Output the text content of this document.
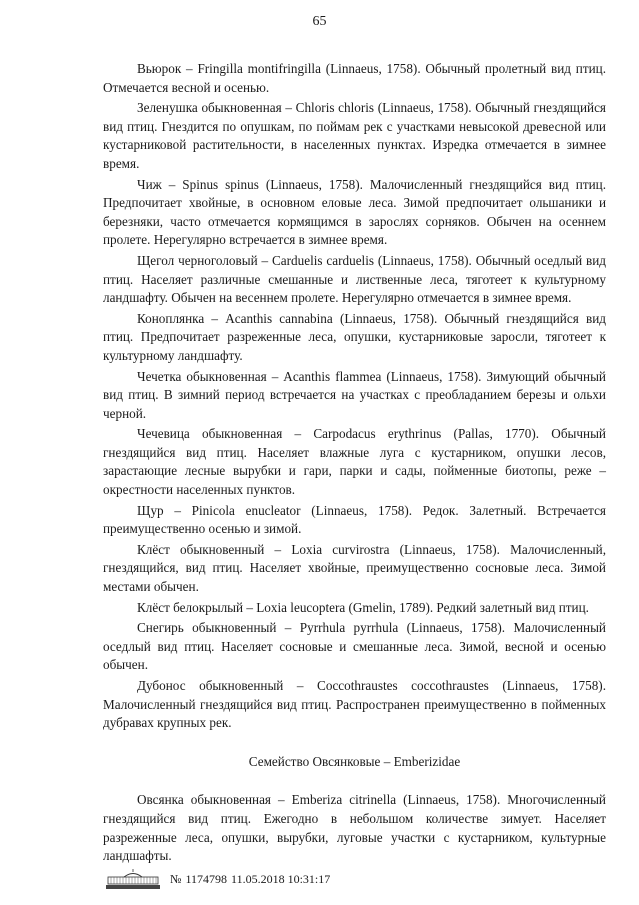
65

Вьюрок – Fringilla montifringilla (Linnaeus, 1758). Обычный пролетный вид птиц. Отмечается весной и осенью.

Зеленушка обыкновенная – Chloris chloris (Linnaeus, 1758). Обычный гнездящийся вид птиц. Гнездится по опушкам, по поймам рек с участками невысокой древесной или кустарниковой растительности, в населенных пунктах. Изредка отмечается в зимнее время.

Чиж – Spinus spinus (Linnaeus, 1758). Малочисленный гнездящийся вид птиц. Предпочитает хвойные, в основном еловые леса. Зимой предпочитает ольшаники и березняки, часто отмечается кормящимся в зарослях сорняков. Обычен на осеннем пролете. Нерегулярно встречается в зимнее время.

Щегол черноголовый – Carduelis carduelis (Linnaeus, 1758). Обычный оседлый вид птиц. Населяет различные смешанные и лиственные леса, тяготеет к культурному ландшафту. Обычен на весеннем пролете. Нерегулярно отмечается в зимнее время.

Коноплянка – Acanthis cannabina (Linnaeus, 1758). Обычный гнездящийся вид птиц. Предпочитает разреженные леса, опушки, кустарниковые заросли, тяготеет к культурному ландшафту.

Чечетка обыкновенная – Acanthis flammea (Linnaeus, 1758). Зимующий обычный вид птиц. В зимний период встречается на участках с преобладанием березы и ольхи черной.

Чечевица обыкновенная – Carpodacus erythrinus (Pallas, 1770). Обычный гнездящийся вид птиц. Населяет влажные луга с кустарником, опушки лесов, зарастающие лесные вырубки и гари, парки и сады, пойменные биотопы, реже – окрестности населенных пунктов.

Щур – Pinicola enucleator (Linnaeus, 1758). Редок. Залетный. Встречается преимущественно осенью и зимой.

Клёст обыкновенный – Loxia curvirostra (Linnaeus, 1758). Малочисленный, гнездящийся, вид птиц. Населяет хвойные, преимущественно сосновые леса. Зимой местами обычен.

Клёст белокрылый – Loxia leucoptera (Gmelin, 1789). Редкий залетный вид птиц.

Снегирь обыкновенный – Pyrrhula pyrrhula (Linnaeus, 1758). Малочисленный оседлый вид птиц. Населяет сосновые и смешанные леса. Зимой, весной и осенью обычен.

Дубонос обыкновенный – Coccothraustes coccothraustes (Linnaeus, 1758). Малочисленный гнездящийся вид птиц. Распространен преимущественно в пойменных дубравах крупных рек.

Семейство Овсянковые – Emberizidae

Овсянка обыкновенная – Emberiza citrinella (Linnaeus, 1758). Многочисленный гнездящийся вид птиц. Ежегодно в небольшом количестве зимует. Населяет разреженные леса, опушки, вырубки, луговые участки с кустарником, культурные ландшафты.

№ 1174798 11.05.2018 10:31:17
